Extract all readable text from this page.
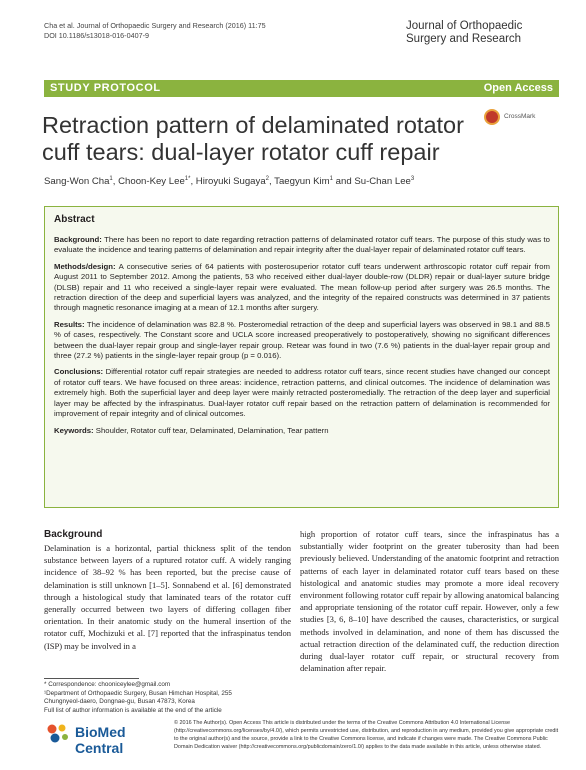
Cha et al. Journal of Orthopaedic Surgery and Research (2016) 11:75
DOI 10.1186/s13018-016-0407-9
Journal of Orthopaedic
Surgery and Research
STUDY PROTOCOL	Open Access
Retraction pattern of delaminated rotator cuff tears: dual-layer rotator cuff repair
CrossMark
Sang-Won Cha$^1$, Choon-Key Lee$^{1*}$, Hiroyuki Sugaya$^2$, Taegyun Kim$^1$ and Su-Chan Lee$^3$
Abstract

Background: There has been no report to date regarding retraction patterns of delaminated rotator cuff tears. The purpose of this study was to evaluate the incidence and tearing patterns of delamination and repair integrity after the dual-layer repair of delaminated rotator cuff tears.

Methods/design: A consecutive series of 64 patients with posterosuperior rotator cuff tears underwent arthroscopic rotator cuff repair from August 2011 to September 2012. Among the patients, 53 who received either dual-layer double-row (DLDR) repair or dual-layer suture bridge (DLSB) repair and 11 who received a single-layer repair were evaluated. The mean follow-up period after surgery was 26.5 months. The retraction direction of the deep and superficial layers was analyzed, and the integrity of the repaired constructs was determined in 37 patients through magnetic resonance imaging at a mean of 12.1 months after surgery.

Results: The incidence of delamination was 82.8 %. Posteromedial retraction of the deep and superficial layers was observed in 98.1 and 88.5 % of cases, respectively. The Constant score and UCLA score increased preoperatively to postoperatively, showing no significant differences between the dual-layer repair group and single-layer repair group. Retear was found in two (7.6 %) patients in the dual-layer repair group and three (27.2 %) patients in the single-layer repair group (p = 0.016).

Conclusions: Differential rotator cuff repair strategies are needed to address rotator cuff tears, since recent studies have changed our concept of rotator cuff tears. We have focused on three areas: incidence, retraction patterns, and clinical outcomes. The incidence of delamination was extremely high. Both the superficial layer and deep layer were mainly retracted posteromedially. The retraction of the deep layer and superficial layer may be affected by the infraspinatus. Dual-layer rotator cuff repair based on the retraction pattern of delamination is recommended for improvement of repair integrity and of clinical outcomes.

Keywords: Shoulder, Rotator cuff tear, Delaminated, Delamination, Tear pattern

Background

Delamination is a horizontal, partial thickness split of the tendon substance between layers of a ruptured rotator cuff. A widely ranging incidence of 38–92 % has been reported, but the precise cause of delamination is still unknown [1–5]. Sonnabend et al. [6] demonstrated through a histological study that laminated tears of the rotator cuff generally occurred between two layers of differing collagen fiber orientation. In their anatomic study on the humeral insertion of the rotator cuff, Mochizuki et al. [7] reported that the infraspinatus tendon (ISP) may be involved in a

high proportion of rotator cuff tears, since the infraspinatus has a substantially wider footprint on the greater tuberosity than had been previously believed. Understanding of the anatomic footprint and retraction patterns of each layer in delaminated rotator cuff tears based on these histological and anatomic studies may promote a more ideal recovery environment following rotator cuff repair by allowing anatomical balancing and appropriate tensioning of the rotator cuff repair. However, only a few studies [3, 6, 8–10] have described the causes, characteristics, or surgical methods involved in delamination, and none of them has discussed the actual retraction direction of the delaminated cuff, the reduction direction during dual-layer rotator cuff repair, or structural recovery from delamination after repair.

* Correspondence: chooniceylee@gmail.com
¹Department of Orthopaedic Surgery, Busan Himchan Hospital, 255
Chungnyeol-daero, Dongnae-gu, Busan 47873, Korea
Full list of author information is available at the end of the article
BioMed Central
© 2016 The Author(s). Open Access This article is distributed under the terms of the Creative Commons Attribution 4.0 International License (http://creativecommons.org/licenses/by/4.0/), which permits unrestricted use, distribution, and reproduction in any medium, provided you give appropriate credit to the original author(s) and the source, provide a link to the Creative Commons license, and indicate if changes were made. The Creative Commons Public Domain Dedication waiver (http://creativecommons.org/publicdomain/zero/1.0/) applies to the data made available in this article, unless otherwise stated.
